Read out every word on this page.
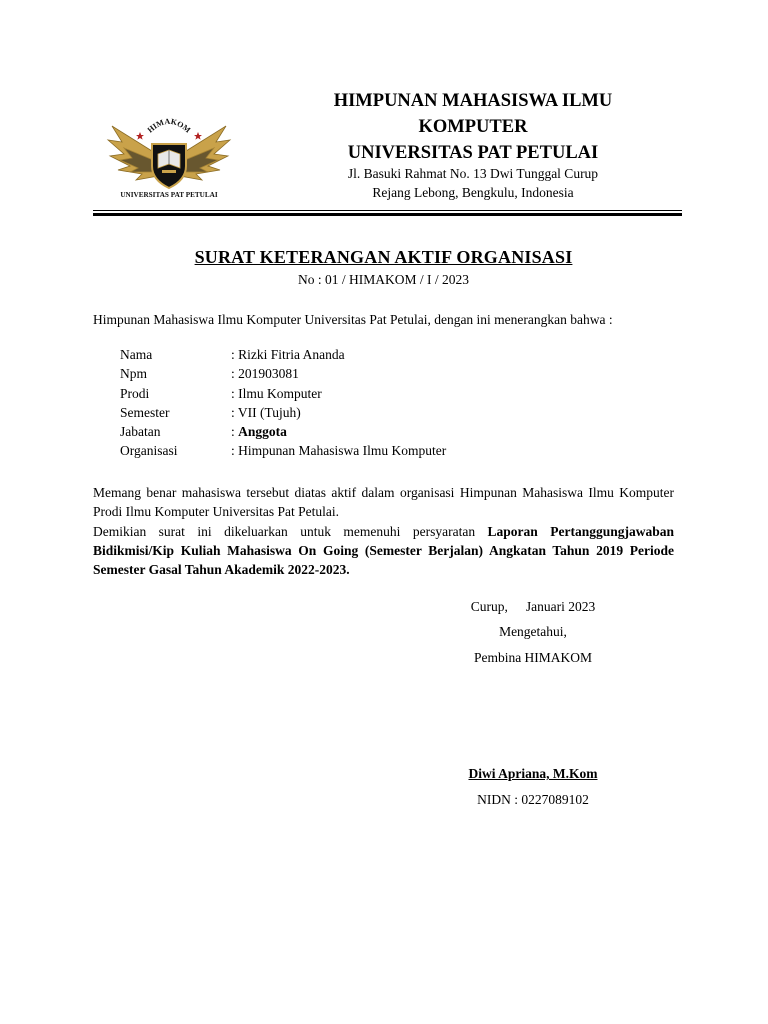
HIMAKOM
UNIVERSITAS PAT PETULAI
HIMPUNAN MAHASISWA ILMU
KOMPUTER
UNIVERSITAS PAT PETULAI
Jl. Basuki Rahmat No. 13 Dwi Tunggal Curup
Rejang Lebong, Bengkulu, Indonesia
SURAT KETERANGAN AKTIF ORGANISASI
No : 01 / HIMAKOM / I / 2023
Himpunan Mahasiswa Ilmu Komputer Universitas Pat Petulai, dengan ini menerangkan bahwa :
Nama	: Rizki Fitria Ananda
Npm	: 201903081
Prodi	: Ilmu Komputer
Semester	: VII (Tujuh)
Jabatan	: Anggota
Organisasi	: Himpunan Mahasiswa Ilmu Komputer
Memang benar mahasiswa tersebut diatas aktif dalam organisasi Himpunan Mahasiswa Ilmu Komputer Prodi Ilmu Komputer Universitas Pat Petulai.
Demikian surat ini dikeluarkan untuk memenuhi persyaratan Laporan Pertanggungjawaban Bidikmisi/Kip Kuliah Mahasiswa On Going (Semester Berjalan) Angkatan Tahun 2019 Periode Semester Gasal Tahun Akademik 2022-2023.
Curup, Januari 2023
Mengetahui,
Pembina HIMAKOM
Diwi Apriana, M.Kom
NIDN : 0227089102
